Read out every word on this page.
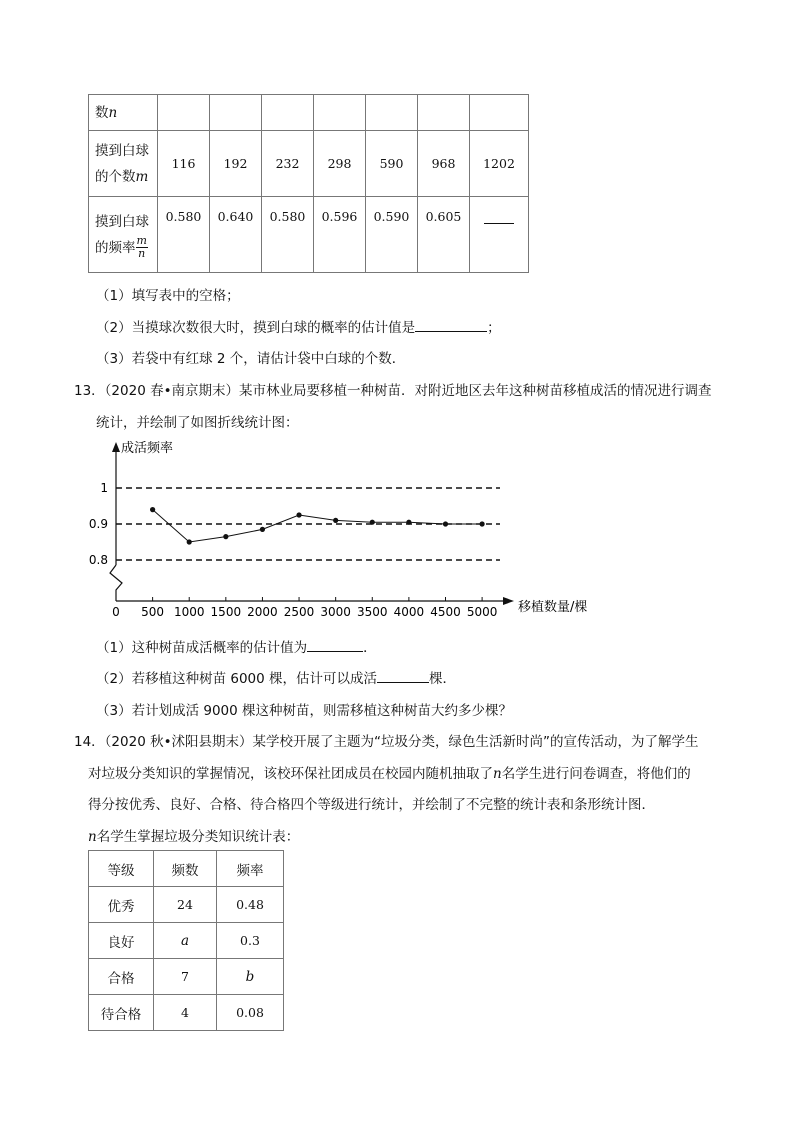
数n							
摸到白球
的个数m	116	192	232	298	590	968	1202
摸到白球
的频率 $\frac{m}{n}$	0.580	0.640	0.580	0.596	0.590	0.605	
（1）填写表中的空格；
（2）当摸球次数很大时，摸到白球的概率的估计值是	；
（3）若袋中有红球 2 个，请估计袋中白球的个数．
13．（2020 春•南京期末）某市林业局要移植一种树苗．对附近地区去年这种树苗移植成活的情况进行调查
统计，并绘制了如图折线统计图：
成活频率
移植数量/棵
0.8
0.9
1
0 500 1000 1500 2000 2500 3000 3500 4000 4500 5000
（1）这种树苗成活概率的估计值为	．
（2）若移植这种树苗 6000 棵，估计可以成活	棵．
（3）若计划成活 9000 棵这种树苗，则需移植这种树苗大约多少棵？
14．（2020 秋•沭阳县期末）某学校开展了主题为“垃圾分类，绿色生活新时尚”的宣传活动，为了解学生
对垃圾分类知识的掌握情况，该校环保社团成员在校园内随机抽取了n名学生进行问卷调查，将他们的
得分按优秀、良好、合格、待合格四个等级进行统计，并绘制了不完整的统计表和条形统计图．
n名学生掌握垃圾分类知识统计表：
等级	频数	频率
优秀	24	0.48
良好	a	0.3
合格	7	b
待合格	4	0.08
